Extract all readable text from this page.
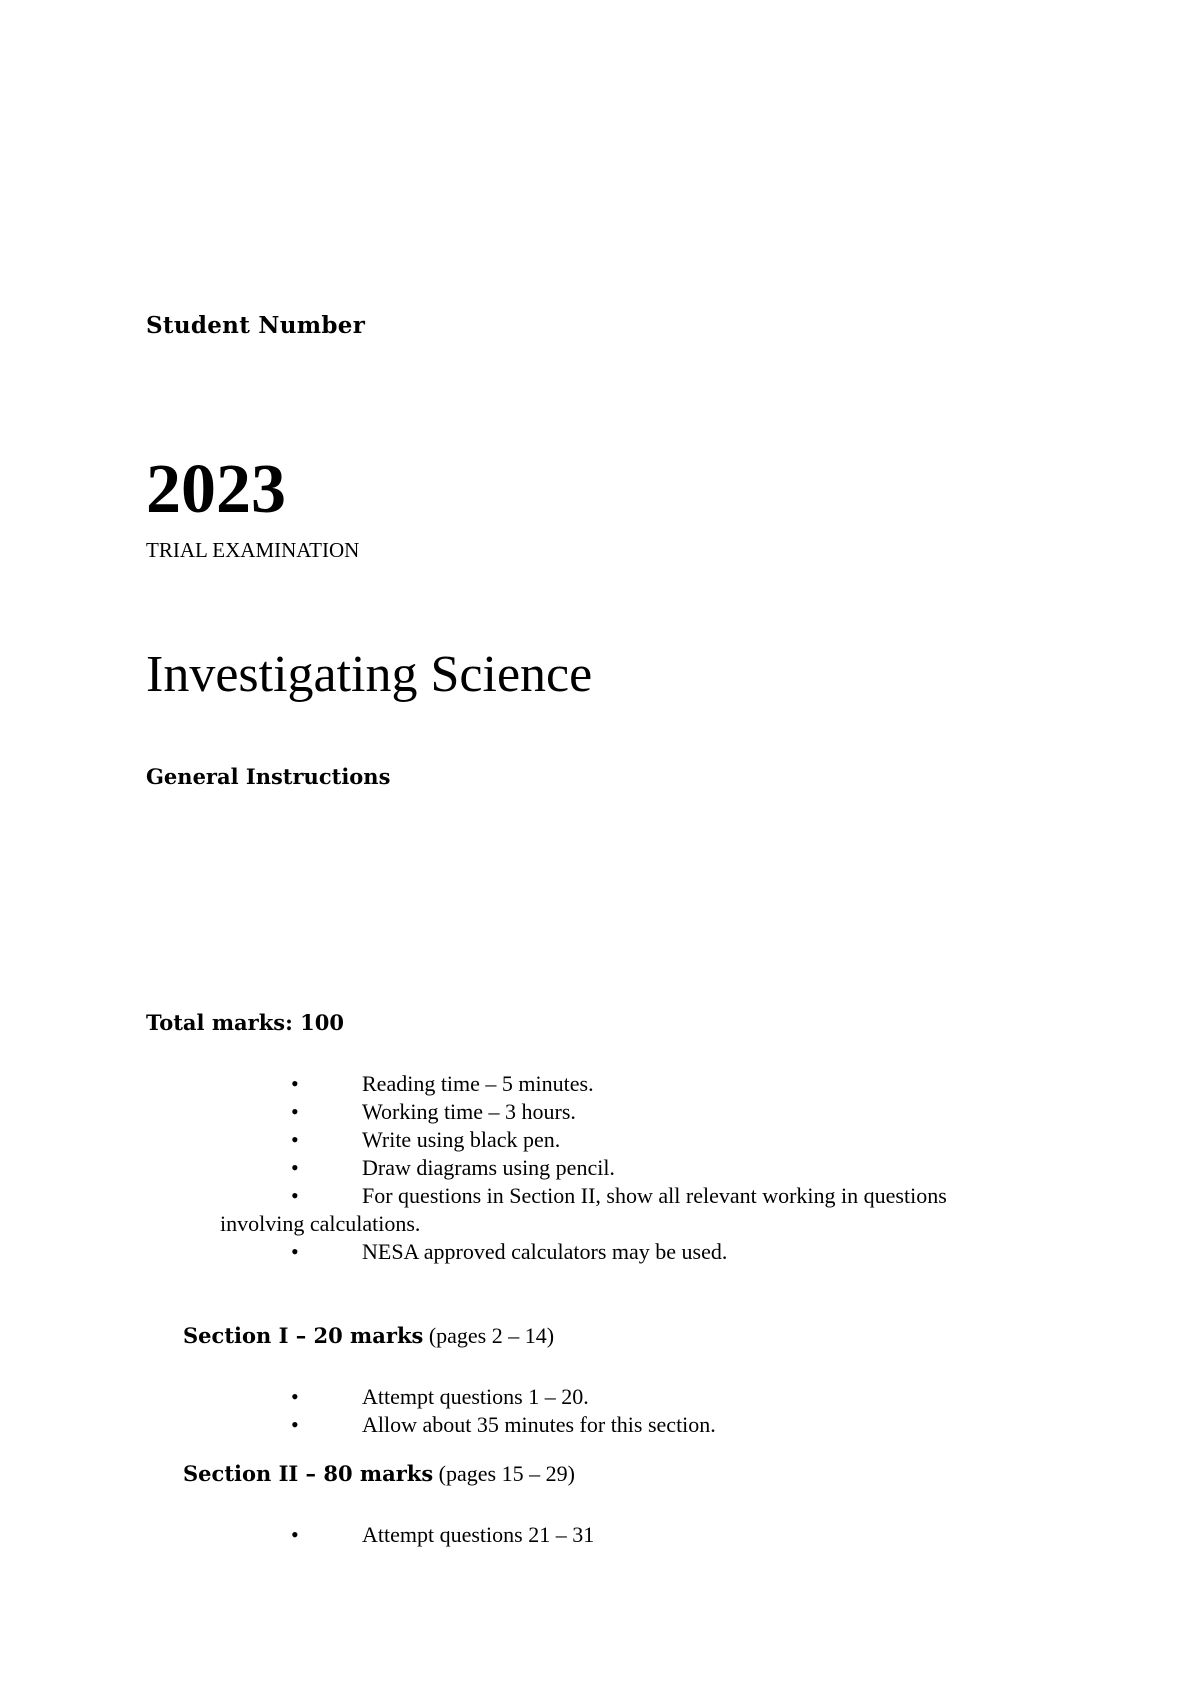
Student Number
2023
TRIAL EXAMINATION
Investigating Science
General Instructions
Total marks: 100
•	Reading time – 5 minutes.
•	Working time – 3 hours.
•	Write using black pen.
•	Draw diagrams using pencil.
•	For questions in Section II, show all relevant working in questions
involving calculations.
•	NESA approved calculators may be used.
Section I – 20 marks (pages 2 – 14)
•	Attempt questions 1 – 20.
•	Allow about 35 minutes for this section.
Section II – 80 marks (pages 15 – 29)
•	Attempt questions 21 – 31
